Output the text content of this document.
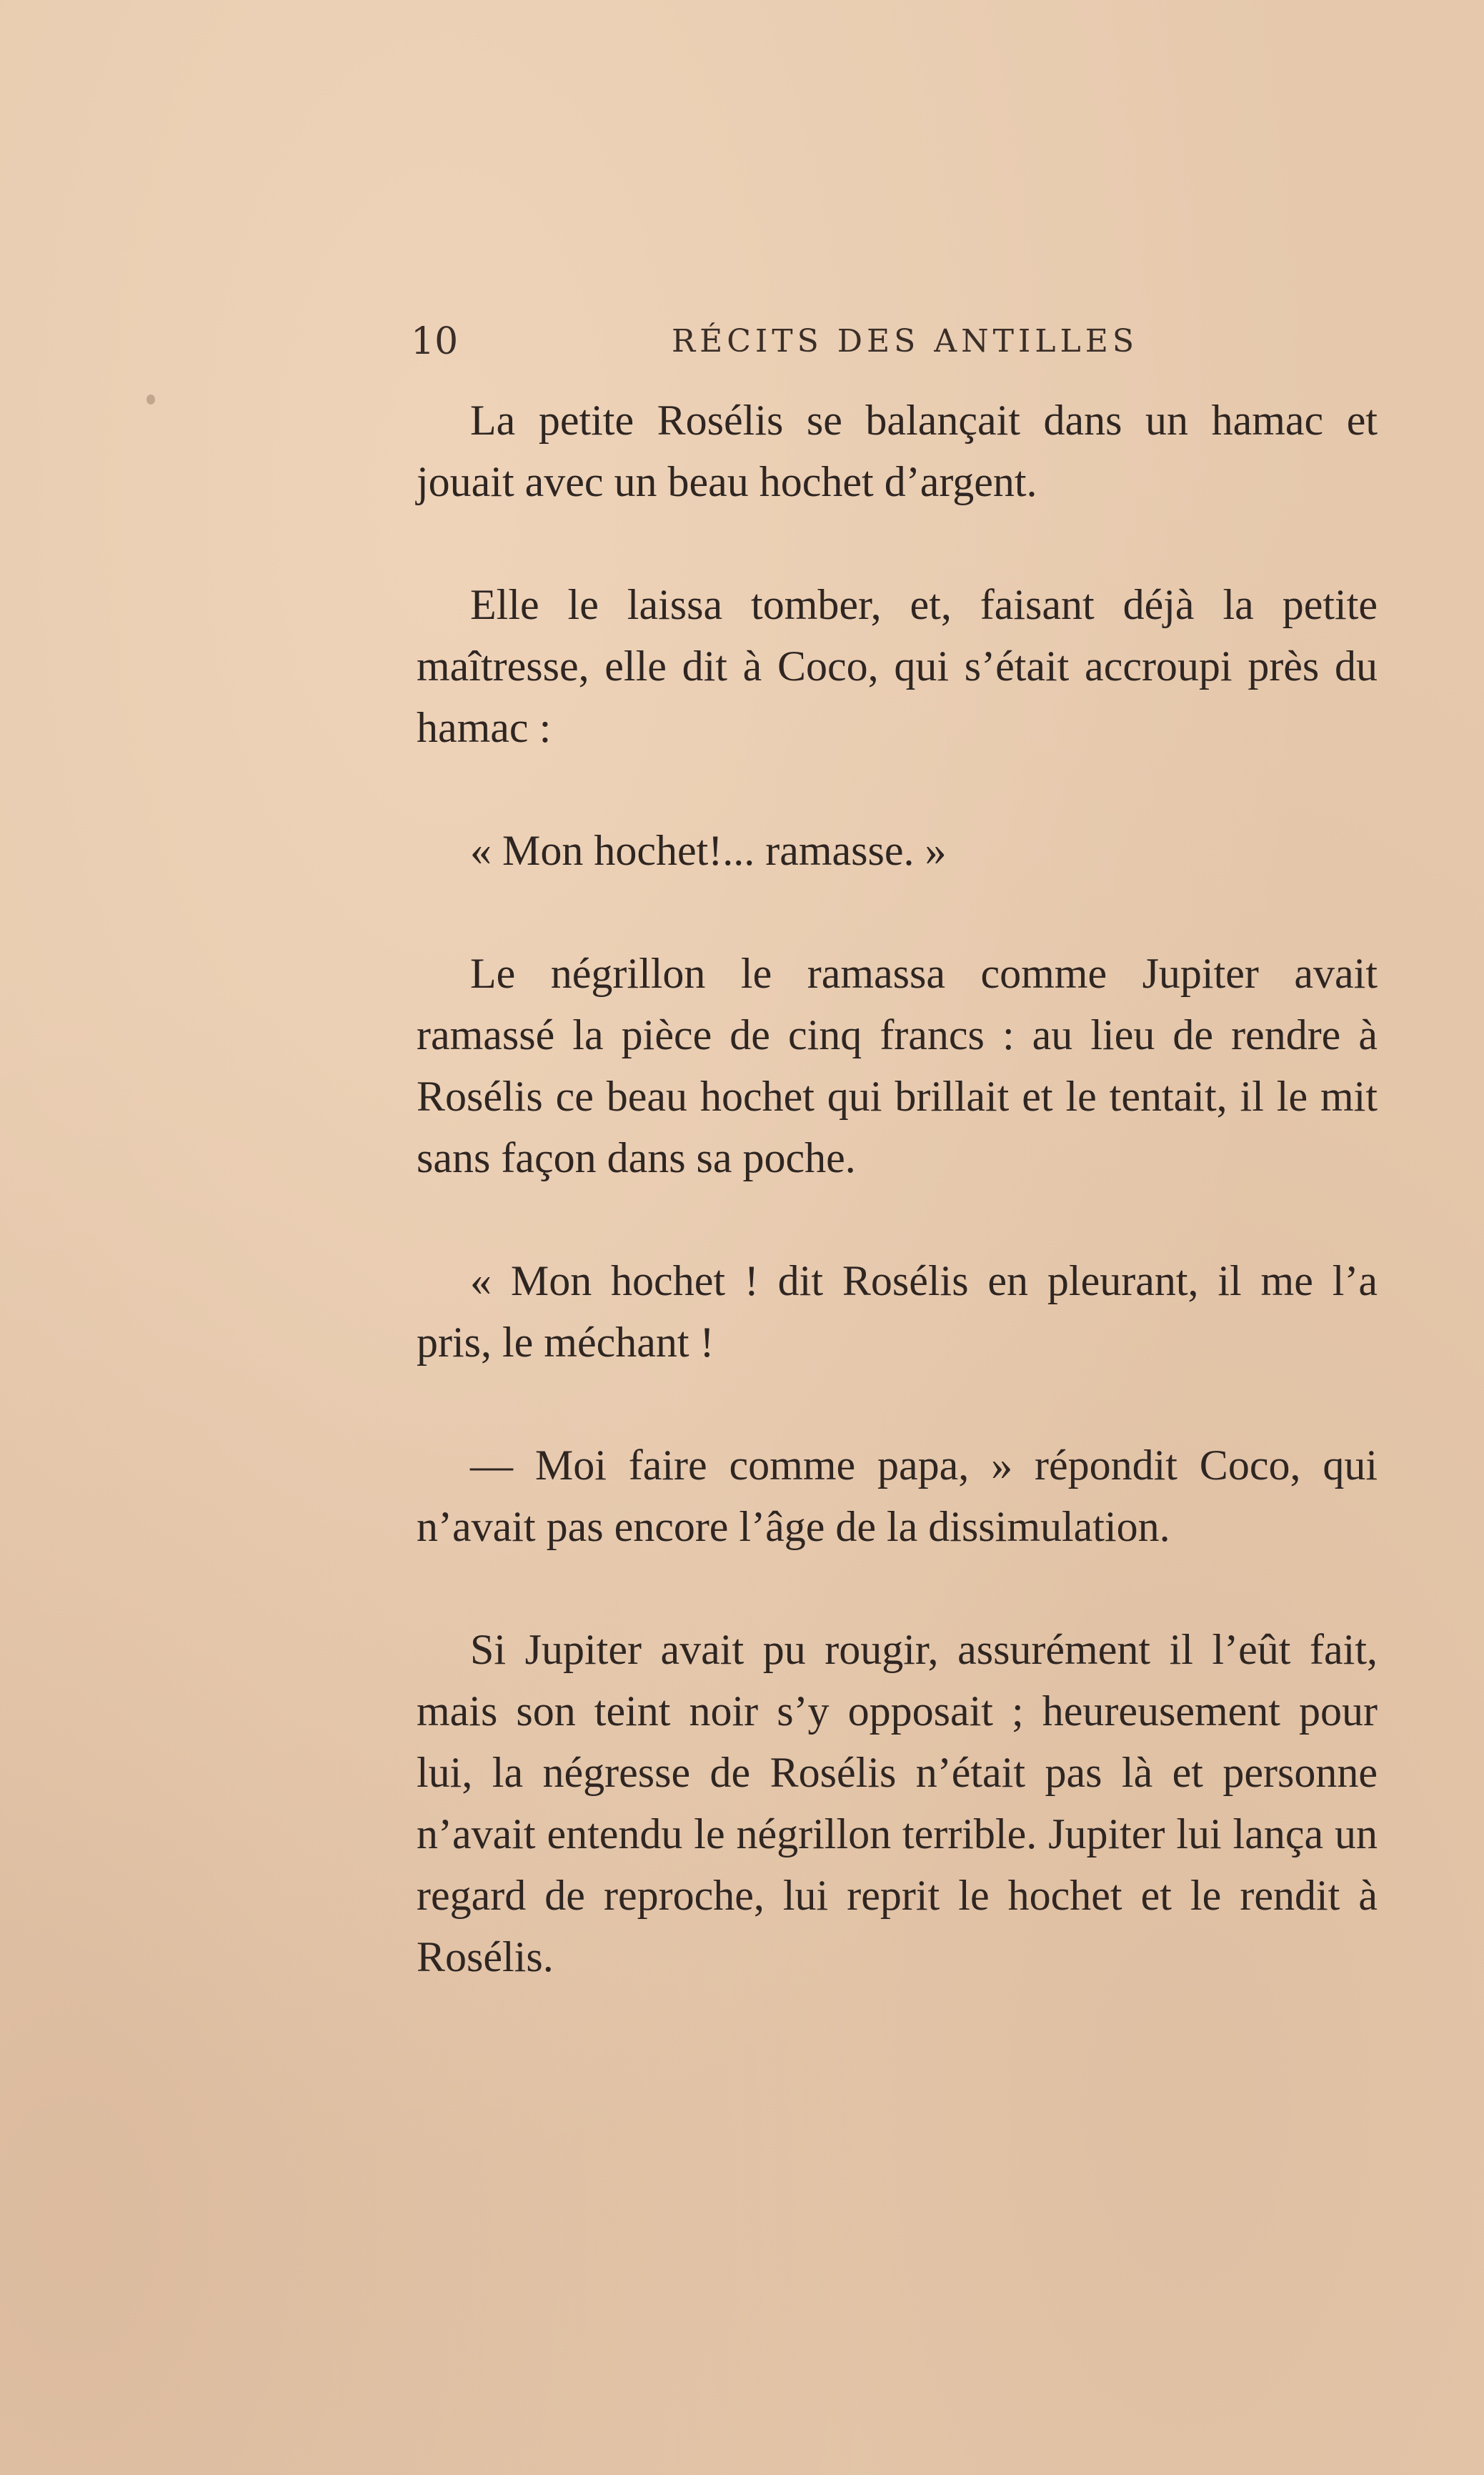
10	RÉCITS DES ANTILLES

La petite Rosélis se balançait dans un hamac et jouait avec un beau hochet d’argent.

Elle le laissa tomber, et, faisant déjà la petite maîtresse, elle dit à Coco, qui s’était accroupi près du hamac :

« Mon hochet!... ramasse. »

Le négrillon le ramassa comme Jupiter avait ramassé la pièce de cinq francs : au lieu de rendre à Rosélis ce beau hochet qui brillait et le tentait, il le mit sans façon dans sa poche.

« Mon hochet ! dit Rosélis en pleurant, il me l’a pris, le méchant !

— Moi faire comme papa, » répondit Coco, qui n’avait pas encore l’âge de la dissimulation.

Si Jupiter avait pu rougir, assurément il l’eût fait, mais son teint noir s’y opposait ; heureusement pour lui, la négresse de Rosélis n’était pas là et personne n’avait entendu le négrillon terrible. Jupiter lui lança un regard de reproche, lui reprit le hochet et le rendit à Rosélis.
